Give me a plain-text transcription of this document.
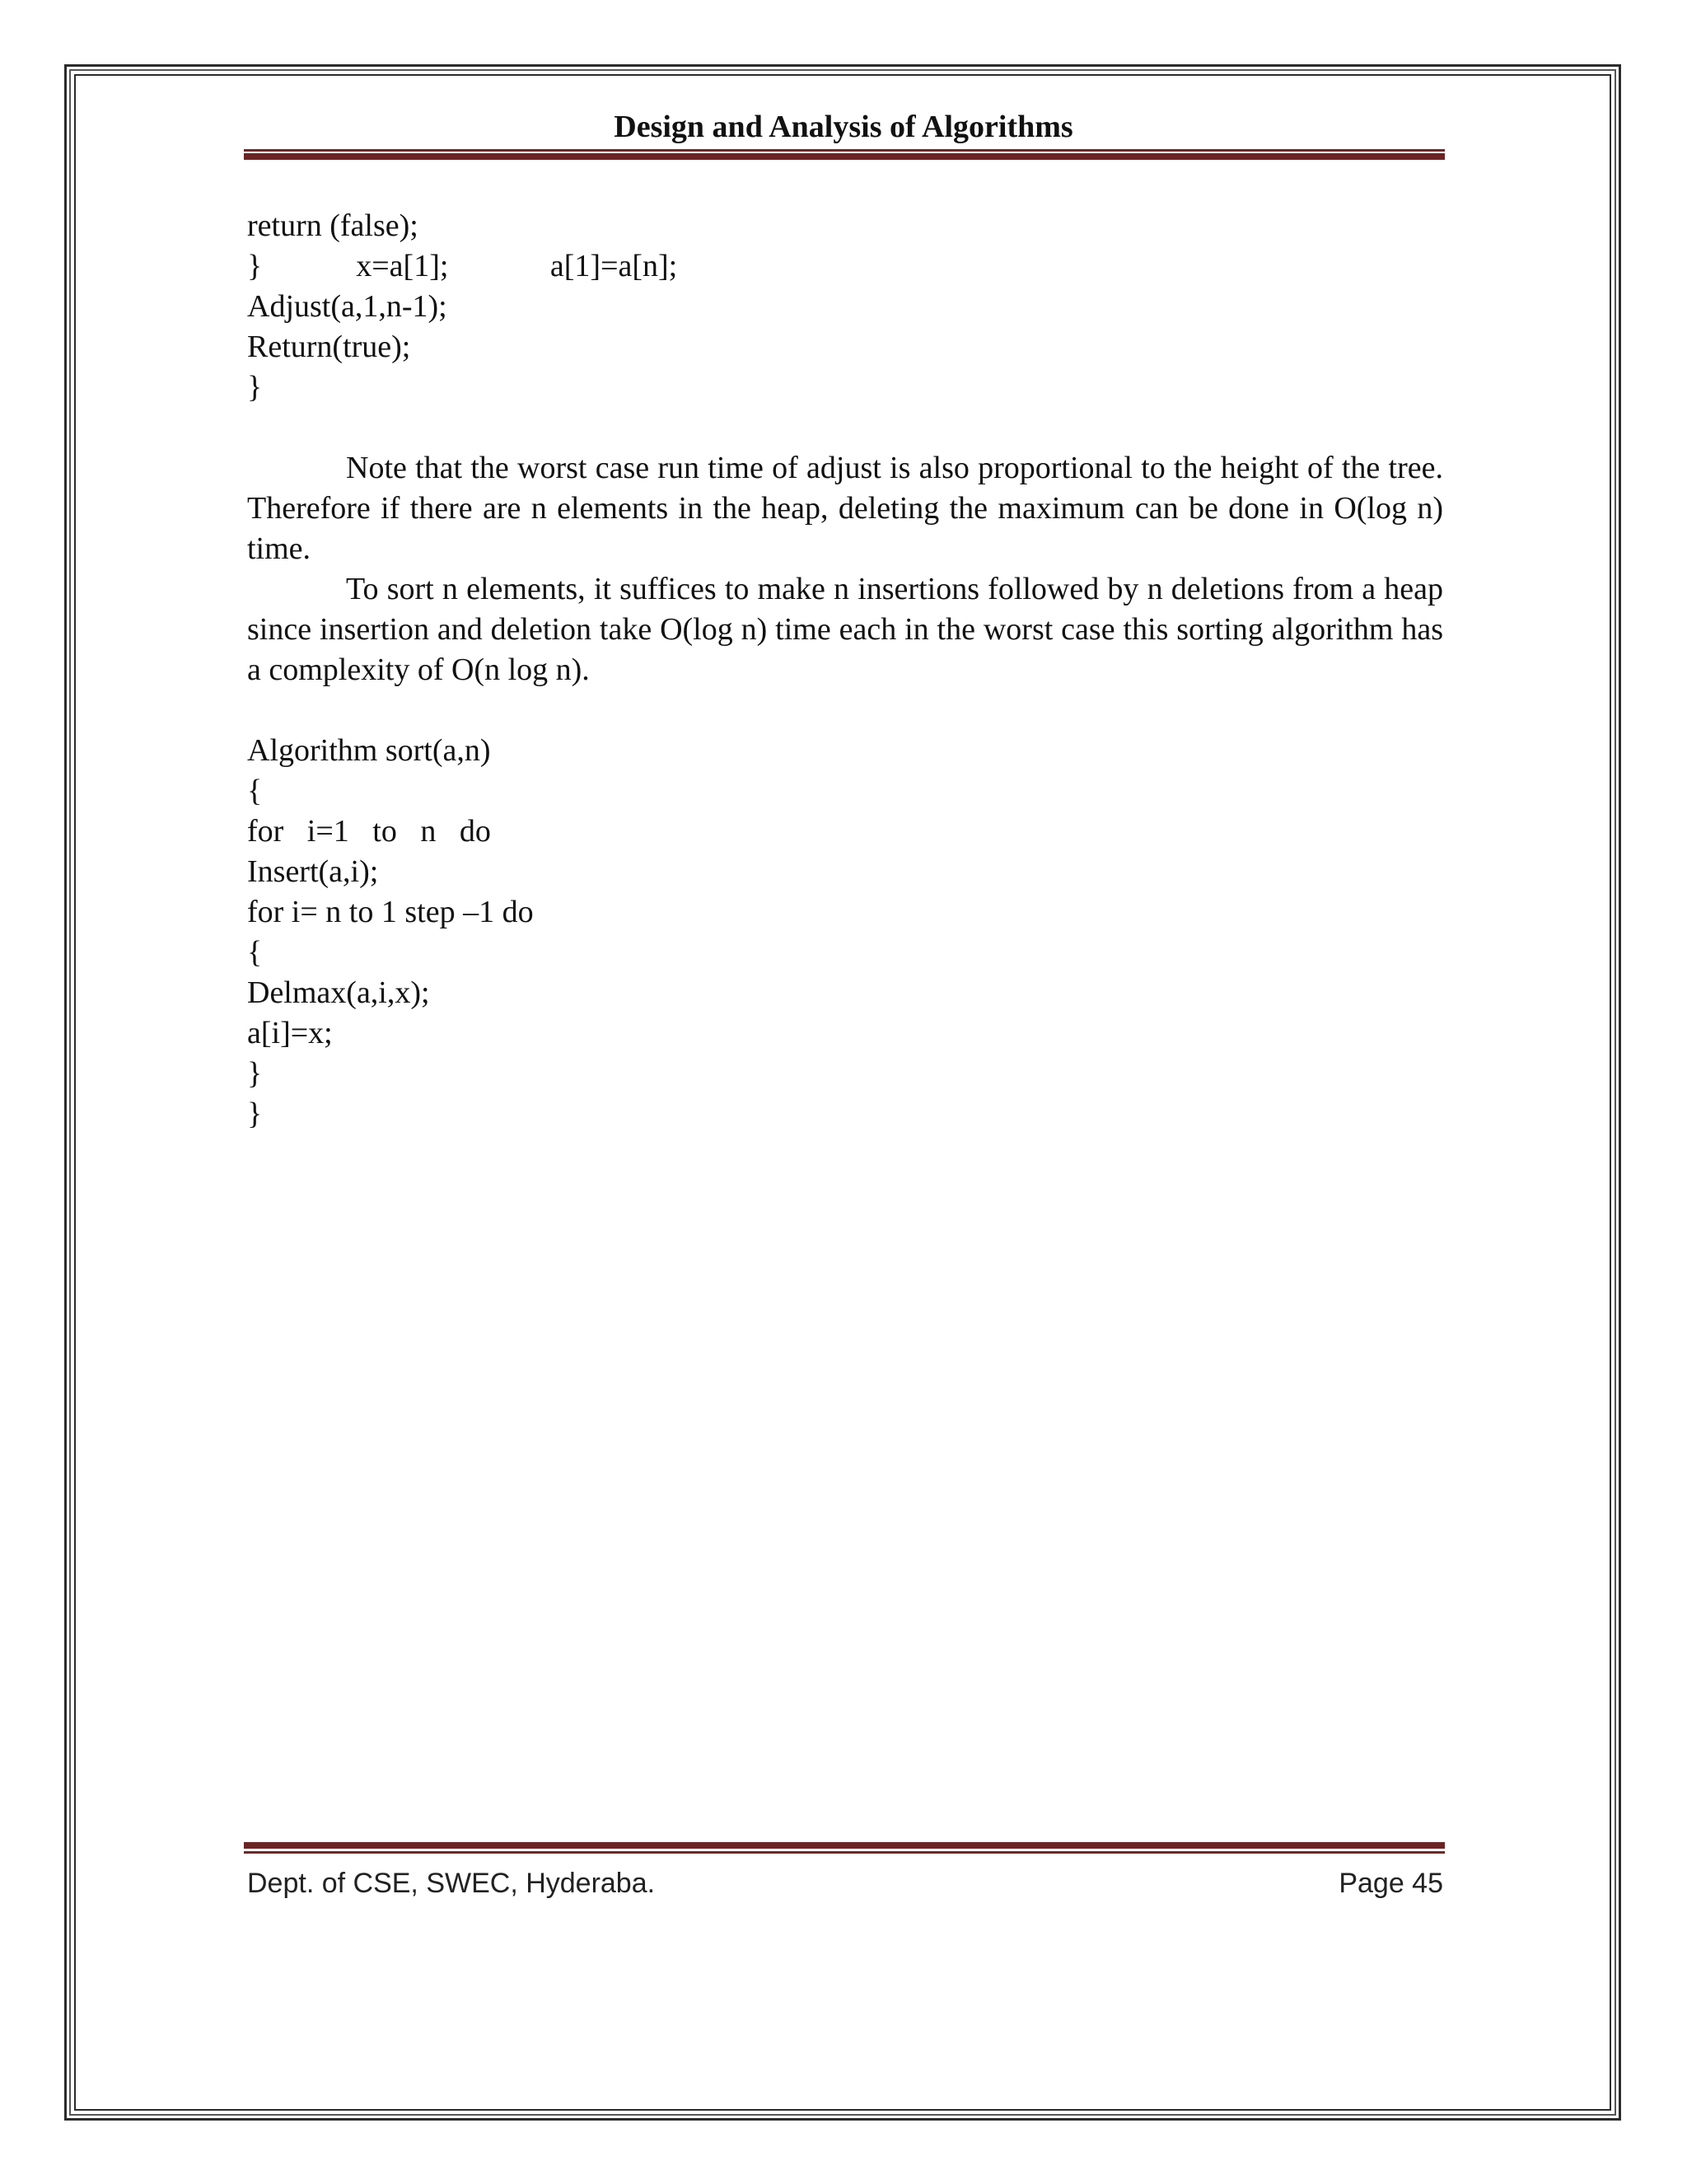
Design and Analysis of Algorithms
return (false);
}            x=a[1];             a[1]=a[n];
Adjust(a,1,n-1);
Return(true);
}

Note that the worst case run time of adjust is also proportional to the height of the tree. Therefore if there are n elements in the heap, deleting the maximum can be done in O(log n) time.

To sort n elements, it suffices to make n insertions followed by n deletions from a heap since insertion and deletion take O(log n) time each in the worst case this sorting algorithm has a complexity of O(n log n).

Algorithm sort(a,n)
{
for   i=1   to   n   do
Insert(a,i);
for i= n to 1 step –1 do
{
Delmax(a,i,x);
a[i]=x;
}
}
Dept. of CSE, SWEC, Hyderaba.	Page 45
